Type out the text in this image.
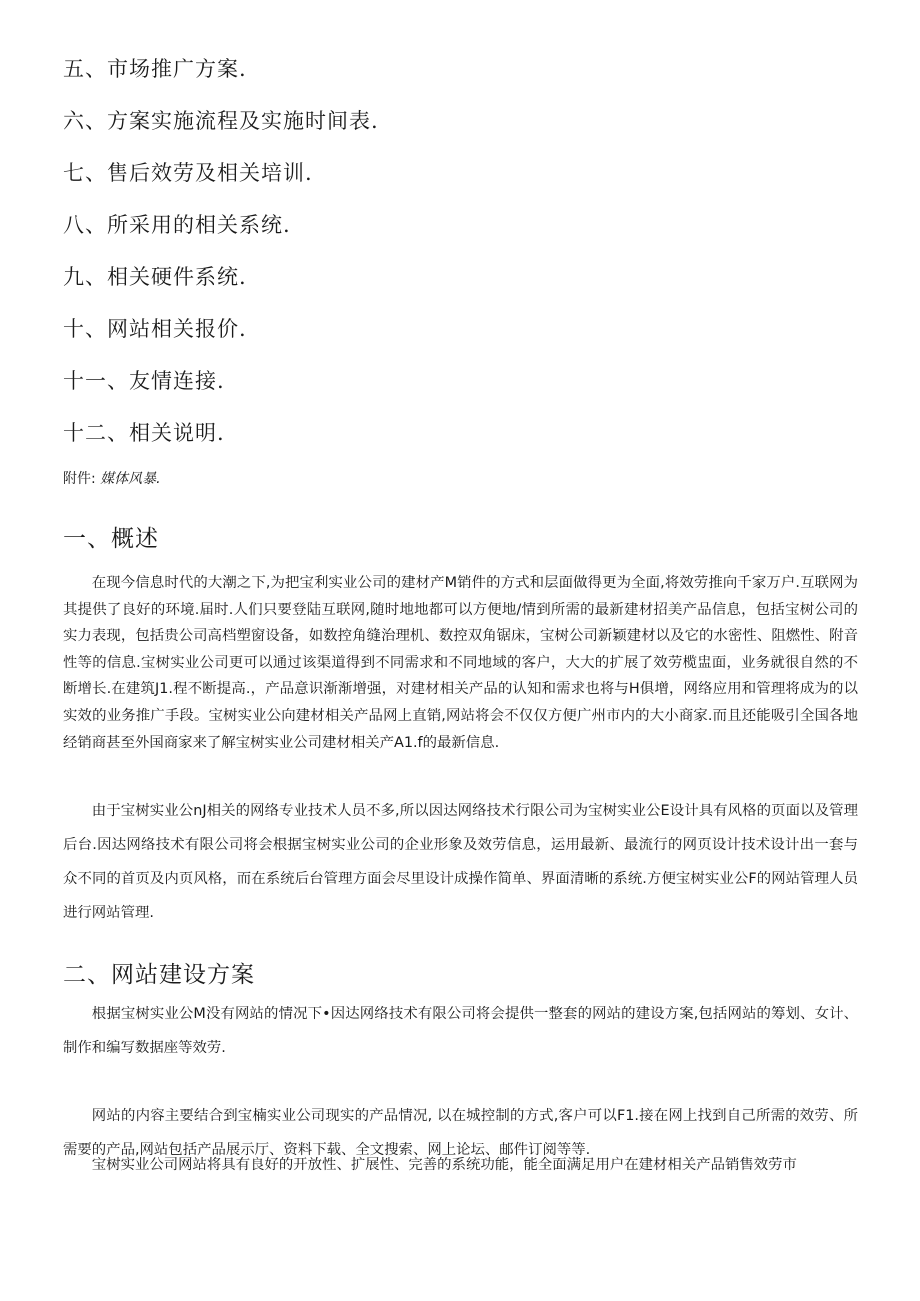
五、市场推广方案.
六、方案实施流程及实施时间表.
七、售后效劳及相关培训.
八、所采用的相关系统.
九、相关硬件系统.
十、网站相关报价.
十一、友情连接.
十二、相关说明.
附件: 媒体风暴.
一、概述
在现今信息时代的大潮之下,为把宝利实业公司的建材产M销件的方式和层面做得更为全面,将效劳推向千家万户.互联网为其提供了良好的环境.届时.人们只要登陆互联网,随时地地都可以方便地/情到所需的最新建材招美产品信息，包括宝树公司的实力表现，包括贵公司高档塑窗设备，如数控角缝治理机、数控双角锯床，宝树公司新颖建材以及它的水密性、阻燃性、附音性等的信息.宝树实业公司更可以通过该渠道得到不同需求和不同地域的客户，大大的扩展了效劳榄盅面，业务就很自然的不断增长.在建筑J1.程不断提高.，产品意识渐渐增强，对建材相关产品的认知和需求也将与H俱增，网络应用和管理将成为的以实效的业务推广手段。宝树实业公向建材相关产品网上直销,网站将会不仅仅方便广州市内的大小商家.而且还能吸引全国各地经销商甚至外国商家来了解宝树实业公司建材相关产A1.f的最新信息.
由于宝树实业公nJ相关的网络专业技术人员不多,所以因达网络技术行限公司为宝树实业公E设计具有风格的页面以及管理后台.因达网络技术有限公司将会根据宝树实业公司的企业形象及效劳信息，运用最新、最流行的网页设计技术设计出一套与众不同的首页及内页风格，而在系统后台管理方面会尽里设计成操作简单、界面清晰的系统.方便宝树实业公F的网站管理人员进行网站管理.
二、网站建设方案
根据宝树实业公M没有网站的情况下•因达网络技术有限公司将会提供一整套的网站的建设方案,包括网站的筹划、女计、制作和编写数据座等效劳.
网站的内容主要结合到宝楠实业公司现实的产品情况, 以在城控制的方式,客户可以F1.接在网上找到自己所需的效劳、所需要的产品,网站包括产品展示厅、资料下载、全文搜索、网上论坛、邮件订阅等等.
宝树实业公司网站将具有良好的开放性、扩展性、完善的系统功能，能全面满足用户在建材相关产品销售效劳市
